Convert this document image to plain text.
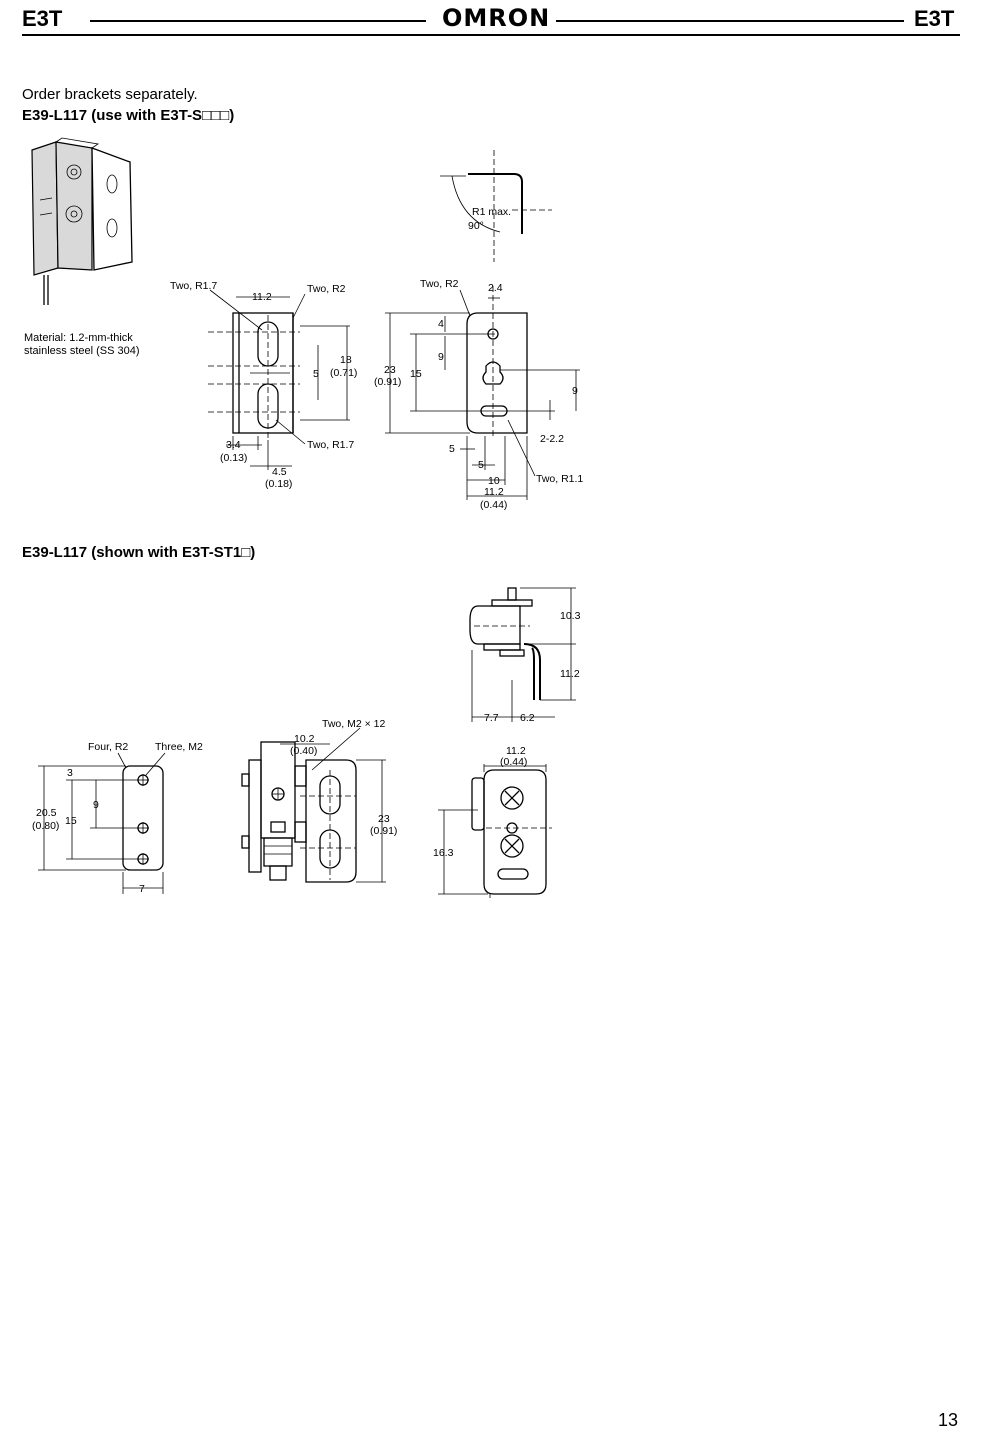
E3T	OMRON	E3T
Order brackets separately.
E39-L117 (use with E3T-S□□□)
Material: 1.2-mm-thick
stainless steel (SS 304)
E39-L117 (shown with E3T-ST1□)
R1 max.
90°
11.2
18
(0.71)
5
3.4
(0.13)
4.5
(0.18)
Two, R1.7	Two, R2
Two, R1.7
23
(0.91)
15
4
9
9
2-2.2
2.4
Two, R2
5
5
10
11.2
(0.44)
Two, R1.1
10.3
11.2
7.7 6.2
3
9
20.5
(0.80) 15
7
Four, R2	Three, M2
23
(0.91)
10.2
(0.40)
Two, M2 × 12
11.2
(0.44)
16.3
13
